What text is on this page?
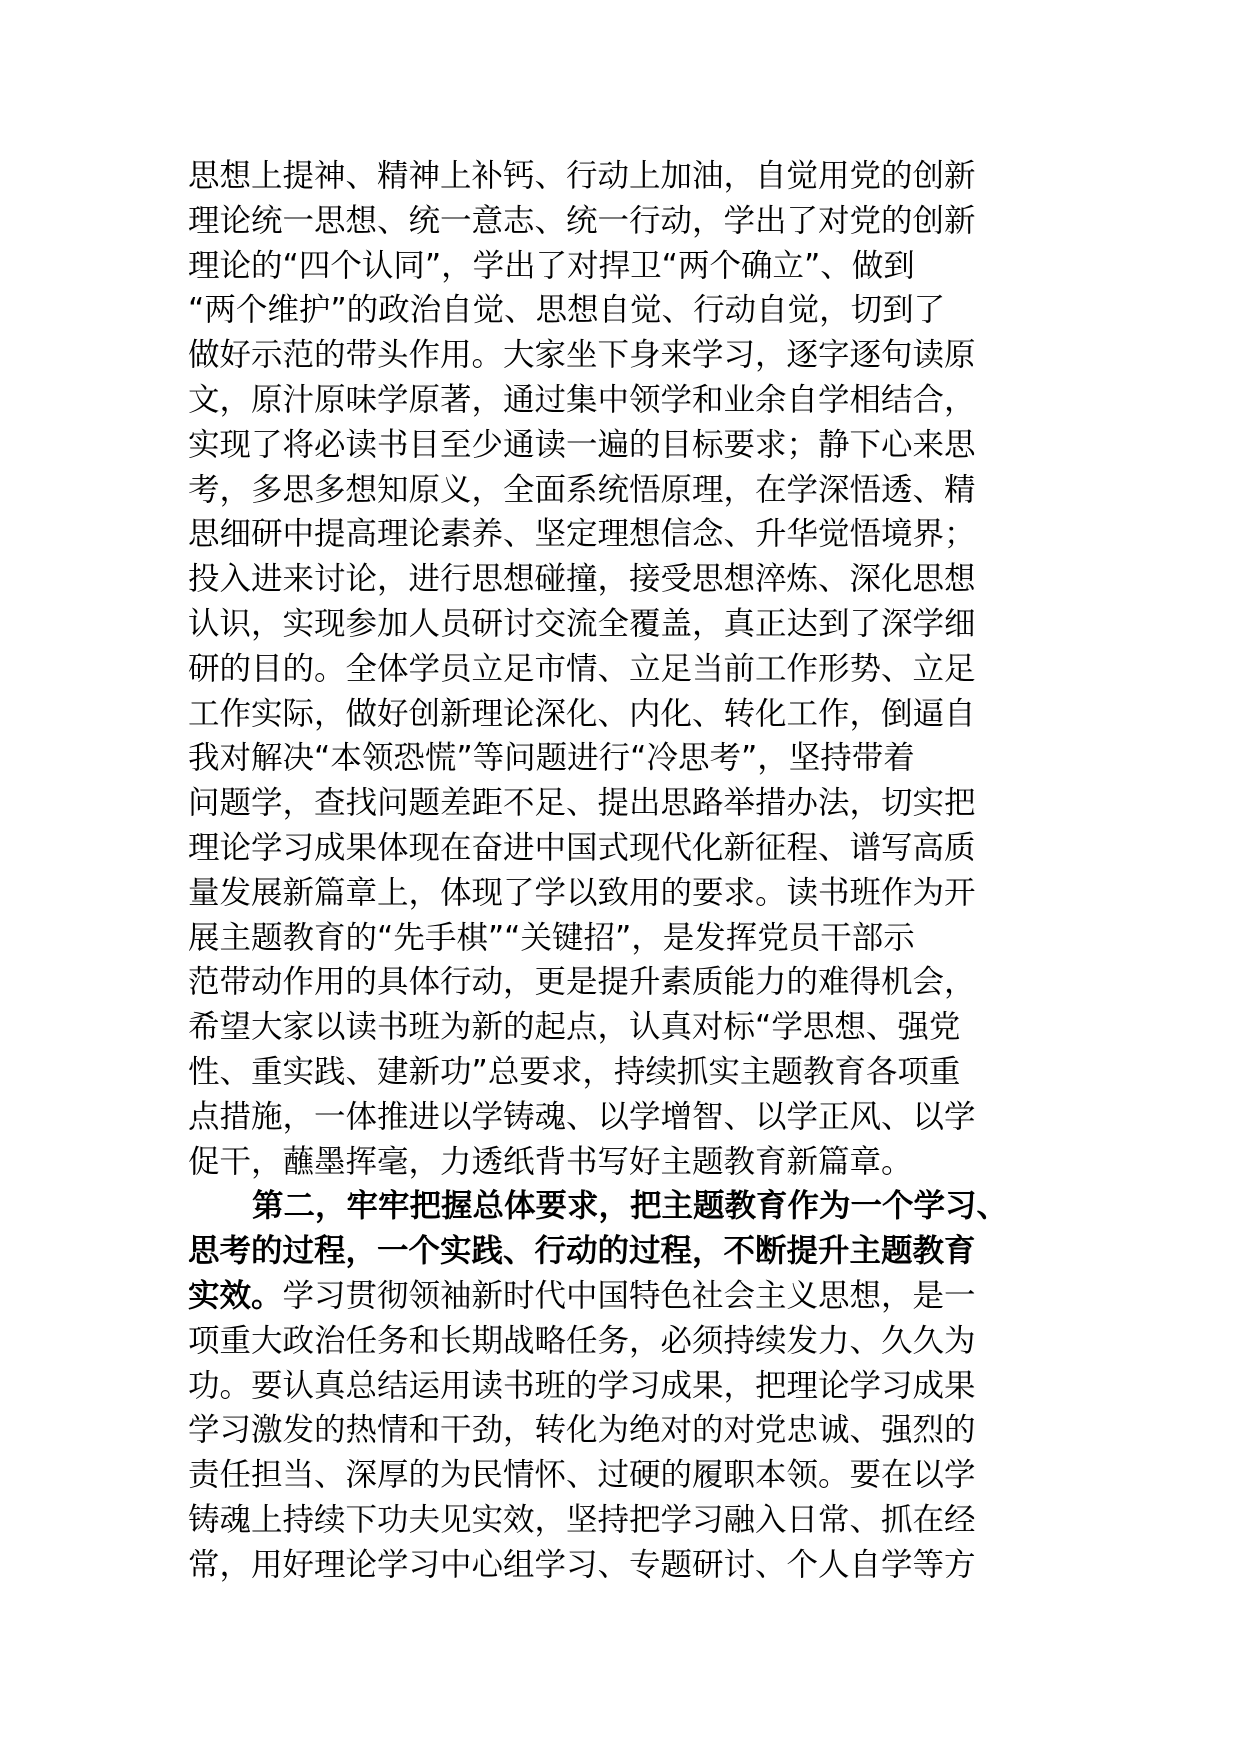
思想上提神、精神上补钙、行动上加油，自觉用党的创新
理论统一思想、统一意志、统一行动，学出了对党的创新
理论的“四个认同”，学出了对捍卫“两个确立”、做到
“两个维护”的政治自觉、思想自觉、行动自觉，切到了
做好示范的带头作用。大家坐下身来学习，逐字逐句读原
文，原汁原味学原著，通过集中领学和业余自学相结合，
实现了将必读书目至少通读一遍的目标要求；静下心来思
考，多思多想知原义，全面系统悟原理，在学深悟透、精
思细研中提高理论素养、坚定理想信念、升华觉悟境界；
投入进来讨论，进行思想碰撞，接受思想淬炼、深化思想
认识，实现参加人员研讨交流全覆盖，真正达到了深学细
研的目的。全体学员立足市情、立足当前工作形势、立足
工作实际，做好创新理论深化、内化、转化工作，倒逼自
我对解决“本领恐慌”等问题进行“冷思考”，坚持带着
问题学，查找问题差距不足、提出思路举措办法，切实把
理论学习成果体现在奋进中国式现代化新征程、谱写高质
量发展新篇章上，体现了学以致用的要求。读书班作为开
展主题教育的“先手棋”“关键招”，是发挥党员干部示
范带动作用的具体行动，更是提升素质能力的难得机会，
希望大家以读书班为新的起点，认真对标“学思想、强党
性、重实践、建新功”总要求，持续抓实主题教育各项重
点措施，一体推进以学铸魂、以学增智、以学正风、以学
促干，蘸墨挥毫，力透纸背书写好主题教育新篇章。
第二，牢牢把握总体要求，把主题教育作为一个学习、
思考的过程，一个实践、行动的过程，不断提升主题教育
实效。学习贯彻领袖新时代中国特色社会主义思想，是一
项重大政治任务和长期战略任务，必须持续发力、久久为
功。要认真总结运用读书班的学习成果，把理论学习成果
学习激发的热情和干劲，转化为绝对的对党忠诚、强烈的
责任担当、深厚的为民情怀、过硬的履职本领。要在以学
铸魂上持续下功夫见实效，坚持把学习融入日常、抓在经
常，用好理论学习中心组学习、专题研讨、个人自学等方
